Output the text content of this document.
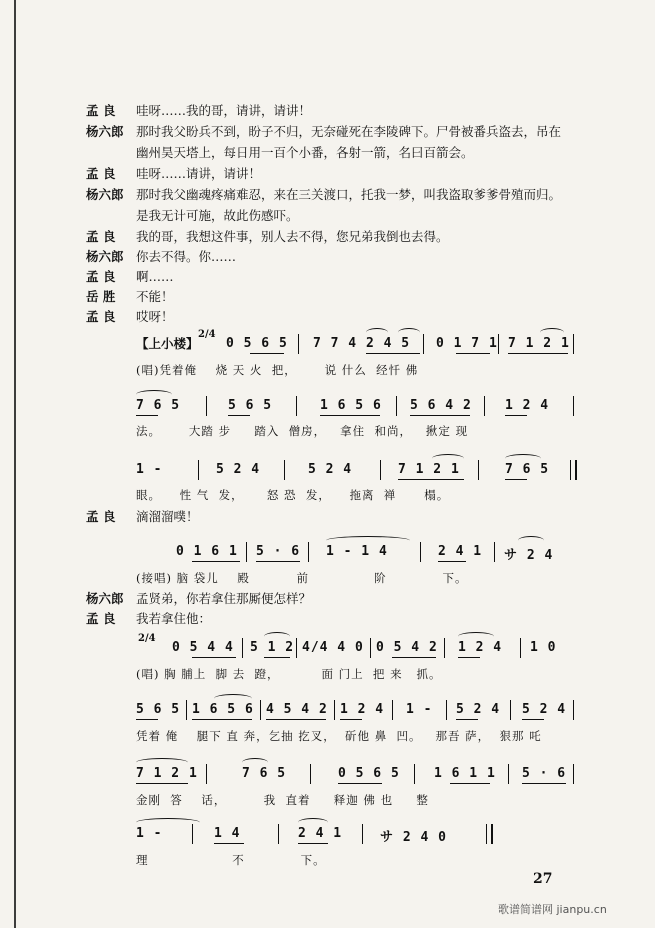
孟 良	哇呀……我的哥，请讲，请讲！
杨六郎 那时我父盼兵不到，盼子不归，无奈碰死在李陵碑下。尸骨被番兵盗去，吊在
幽州昊天塔上，每日用一百个小番，各射一箭，名曰百箭会。
孟 良	哇呀……请讲，请讲！
杨六郎 那时我父幽魂疼痛难忍，来在三关渡口，托我一梦，叫我盗取爹爹骨殖而归。
是我无计可施，故此伤感吓。
孟 良	我的哥，我想这件事，别人去不得，您兄弟我倒也去得。
杨六郎 你去不得。你……
孟 良	啊……
岳 胜	不能！
孟 良	哎呀！
【上小楼】
2/4
0 5 6 5 7 7 4 2 4 5 0 1 7 1 7 1 2 1
(唱)凭着俺    烧 天 火  把，      说 什么  经忏 佛
7 6 5	5 6 5	1 6 5 6 5 6 4 2	1 2 4
法。      大踏 步     踏入  僧房，   拿住  和尚，   揪定 现
1 -	5 2 4	5 2 4	7 1 2 1	7 6 5
眼。    性 气  发，     怒 恐  发，    拖离  禅      榻。
孟 良	滴溜溜噗！
0 1 6 1 5 · 6 1 - 1 4	2 4 1 サ 2 4
(接唱) 脑 袋儿    殿          前              阶            下。
杨六郎 孟贤弟，你若拿住那厮便怎样？
孟 良	我若拿住他：
2/4
0 5 4 4 5 1 2 4/4 4 0 0 5 4 2 1 2 4 1 0
(唱) 胸 脯上  脚 去  蹬，         面 门上  把 来   抓。
5 6 5 1 6 5 6 4 5 4 2 1 2 4 1 - 5 2 4 5 2 4
凭着 俺    腿下 直 奔，乞抽 扢叉，  斫他 鼻  凹。   那吾 萨，  狠那 吒
7 1 2 1	7 6 5	0 5 6 5	1 6 1 1 5 · 6
金刚  答    话，        我  直着     释迦 佛 也     整
1 -	1 4	2 4 1	サ 2 4 0
理                  不            下。
27
歌谱简谱网 jianpu.cn
